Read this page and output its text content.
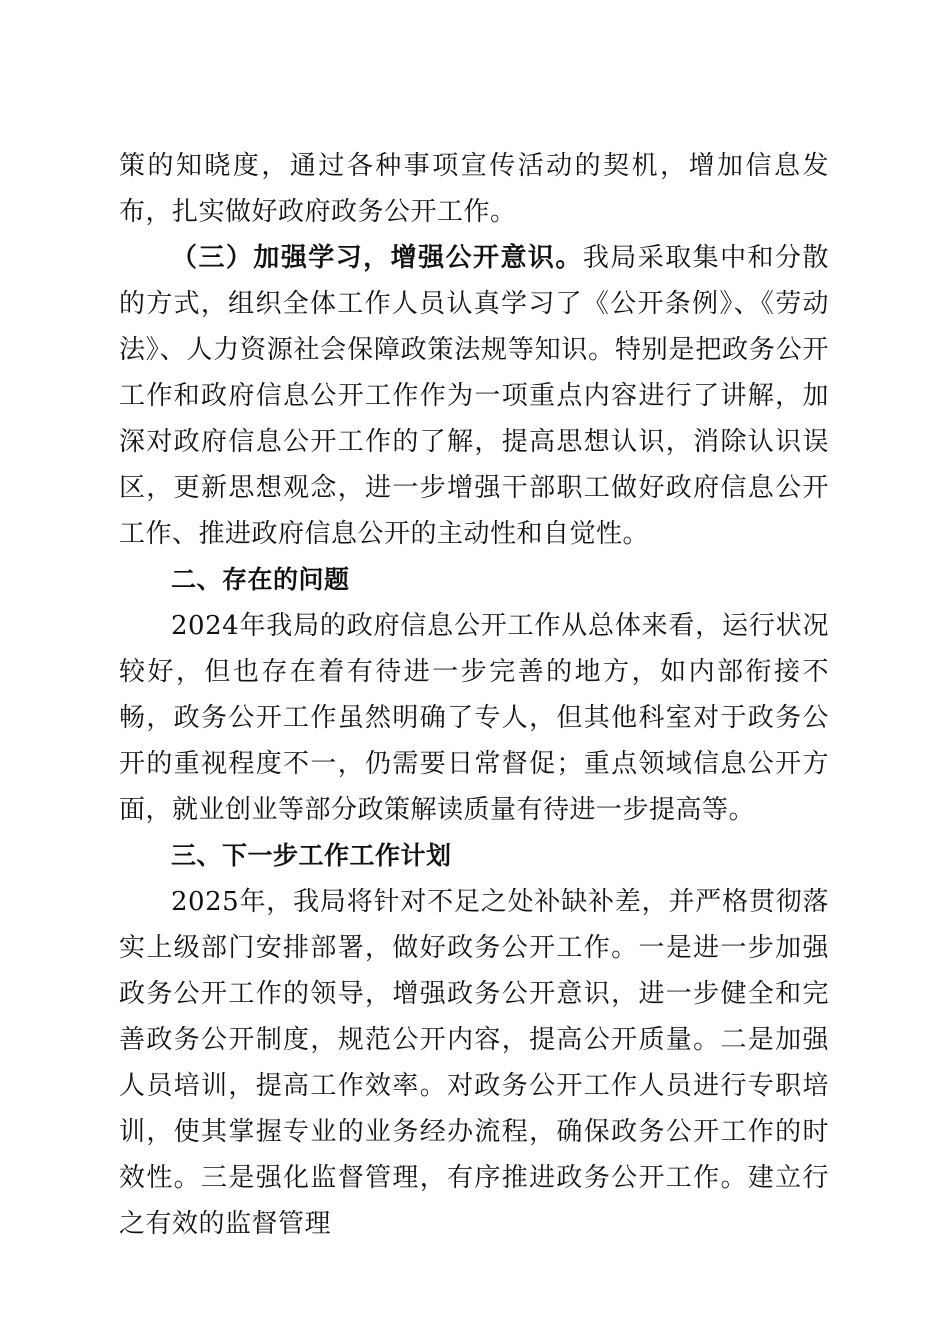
策的知晓度，通过各种事项宣传活动的契机，增加信息发布，扎实做好政府政务公开工作。

（三）加强学习，增强公开意识。我局采取集中和分散的方式，组织全体工作人员认真学习了《公开条例》、《劳动法》、人力资源社会保障政策法规等知识。特别是把政务公开工作和政府信息公开工作作为一项重点内容进行了讲解，加深对政府信息公开工作的了解，提高思想认识，消除认识误区，更新思想观念，进一步增强干部职工做好政府信息公开工作、推进政府信息公开的主动性和自觉性。

二、存在的问题

2024年我局的政府信息公开工作从总体来看，运行状况较好，但也存在着有待进一步完善的地方，如内部衔接不畅，政务公开工作虽然明确了专人，但其他科室对于政务公开的重视程度不一，仍需要日常督促；重点领域信息公开方面，就业创业等部分政策解读质量有待进一步提高等。

三、下一步工作工作计划

2025年，我局将针对不足之处补缺补差，并严格贯彻落实上级部门安排部署，做好政务公开工作。一是进一步加强政务公开工作的领导，增强政务公开意识，进一步健全和完善政务公开制度，规范公开内容，提高公开质量。二是加强人员培训，提高工作效率。对政务公开工作人员进行专职培训，使其掌握专业的业务经办流程，确保政务公开工作的时效性。三是强化监督管理，有序推进政务公开工作。建立行之有效的监督管理
